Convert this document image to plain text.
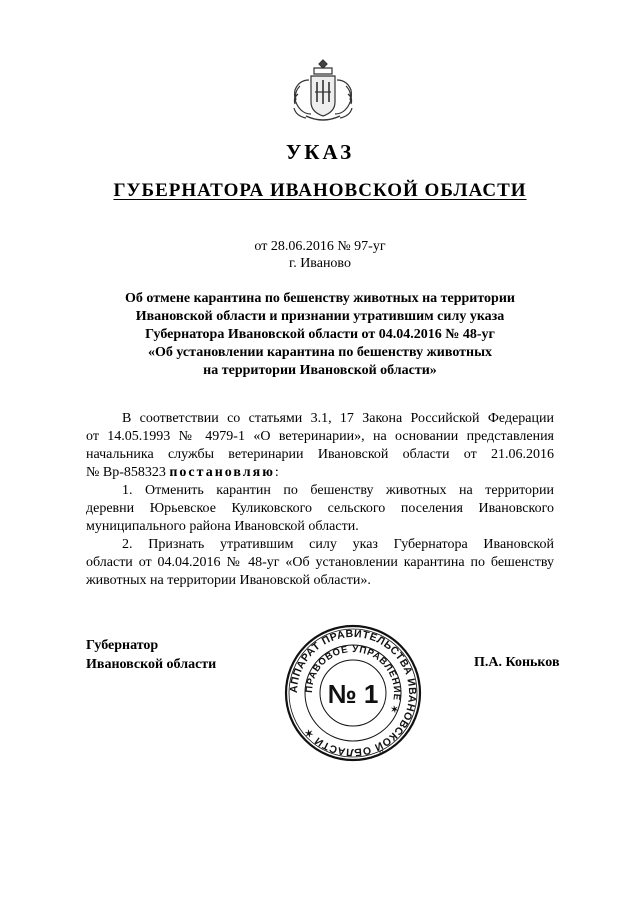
УКАЗ
ГУБЕРНАТОРА ИВАНОВСКОЙ ОБЛАСТИ
от 28.06.2016 № 97-уг
г. Иваново
Об отмене карантина по бешенству животных на территории
Ивановской области и признании утратившим силу указа
Губернатора Ивановской области от 04.04.2016 № 48-уг
«Об установлении карантина по бешенству животных
на территории Ивановской области»
В соответствии со статьями 3.1, 17 Закона Российской Федерации
от 14.05.1993 № 4979-1 «О ветеринарии», на основании представления
начальника службы ветеринарии Ивановской области от 21.06.2016
№ Вр-858323 постановляю:
1. Отменить карантин по бешенству животных на территории
деревни Юрьевское Куликовского сельского поселения Ивановского
муниципального района Ивановской области.
2. Признать утратившим силу указ Губернатора Ивановской
области от 04.04.2016 № 48-уг «Об установлении карантина по бешенству
животных на территории Ивановской области».
Губернатор
Ивановской области	П.А. Коньков
АППАРАТ ПРАВИТЕЛЬСТВА ИВАНОВСКОЙ ОБЛАСТИ ✶
ПРАВОВОЕ УПРАВЛЕНИЕ ✶
№ 1
